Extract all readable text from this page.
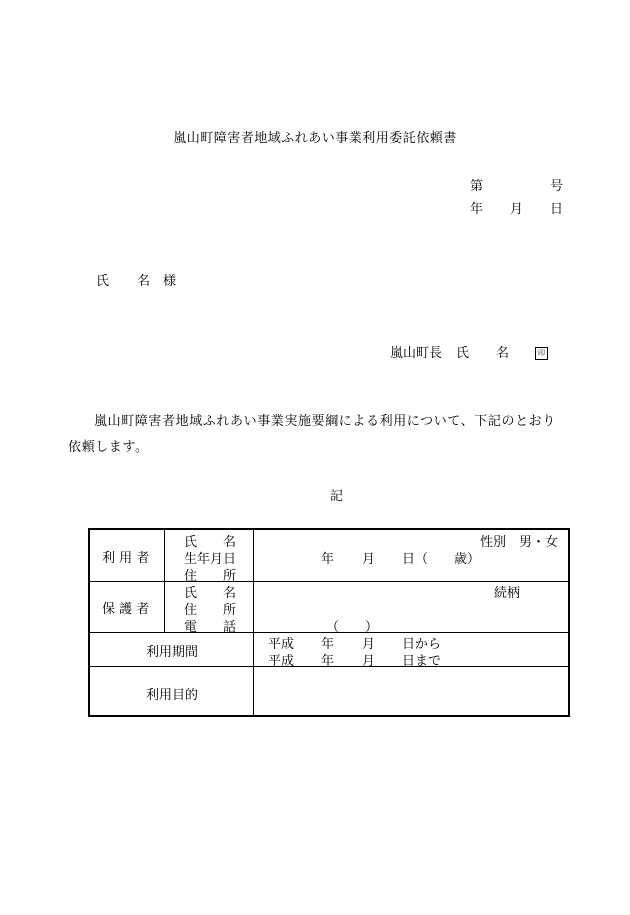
嵐山町障害者地域ふれあい事業利用委託依頼書
第	号
年 月 日
氏 名 様
嵐山町長 氏 名	印
嵐山町障害者地域ふれあい事業実施要綱による利用について、下記のとおり依頼します。
記
利 用 者
氏　　名
生年月日
住　　所
性別　男・女
年 月 日（ 歳）
保 護 者
氏　　名
住　　所
電　　話
続柄
（　　）
利用期間
平成 年 月 日から
平成 年 月 日まで
利用目的
